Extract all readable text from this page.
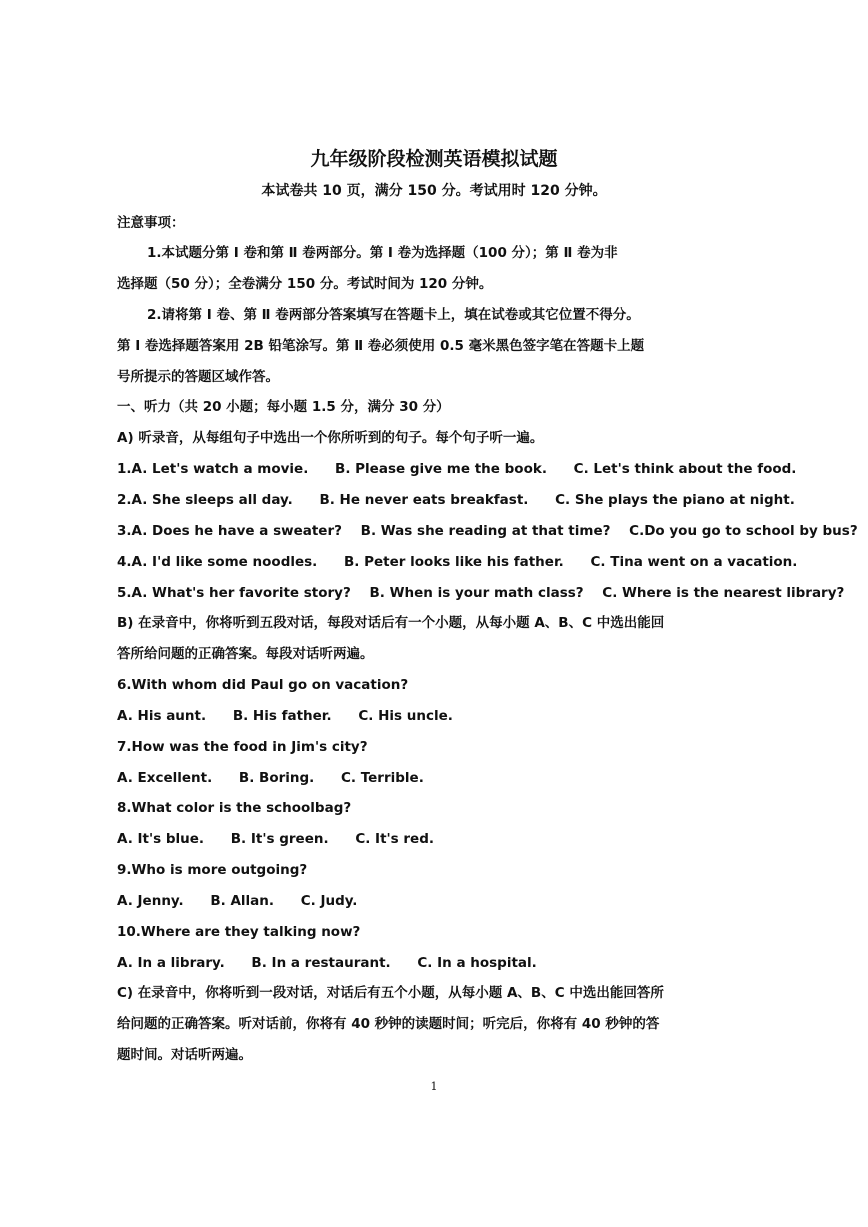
九年级阶段检测英语模拟试题
本试卷共 10 页，满分 150 分。考试用时 120 分钟。
注意事项：
1.本试题分第 Ⅰ 卷和第 Ⅱ 卷两部分。第 Ⅰ 卷为选择题（100 分）；第 Ⅱ 卷为非
选择题（50 分）；全卷满分 150 分。考试时间为 120 分钟。
2.请将第 Ⅰ 卷、第 Ⅱ 卷两部分答案填写在答题卡上，填在试卷或其它位置不得分。
第 Ⅰ 卷选择题答案用 2B 铅笔涂写。第 Ⅱ 卷必须使用 0.5 毫米黑色签字笔在答题卡上题
号所提示的答题区域作答。
一、听力（共 20 小题；每小题 1.5 分，满分 30 分）
A) 听录音，从每组句子中选出一个你所听到的句子。每个句子听一遍。
1.A. Let's watch a movie. B. Please give me the book. C. Let's think about the food.
2.A. She sleeps all day. B. He never eats breakfast. C. She plays the piano at night.
3.A. Does he have a sweater? B. Was she reading at that time? C.Do you go to school by bus?
4.A. I'd like some noodles. B. Peter looks like his father. C. Tina went on a vacation.
5.A. What's her favorite story? B. When is your math class? C. Where is the nearest library?
B) 在录音中，你将听到五段对话，每段对话后有一个小题，从每小题 A、B、C 中选出能回
答所给问题的正确答案。每段对话听两遍。
6.With whom did Paul go on vacation?
A. His aunt. B. His father. C. His uncle.
7.How was the food in Jim's city?
A. Excellent. B. Boring. C. Terrible.
8.What color is the schoolbag?
A. It's blue. B. It's green. C. It's red.
9.Who is more outgoing?
A. Jenny. B. Allan. C. Judy.
10.Where are they talking now?
A. In a library. B. In a restaurant. C. In a hospital.
C) 在录音中，你将听到一段对话，对话后有五个小题，从每小题 A、B、C 中选出能回答所
给问题的正确答案。听对话前，你将有 40 秒钟的读题时间；听完后，你将有 40 秒钟的答
题时间。对话听两遍。
1
